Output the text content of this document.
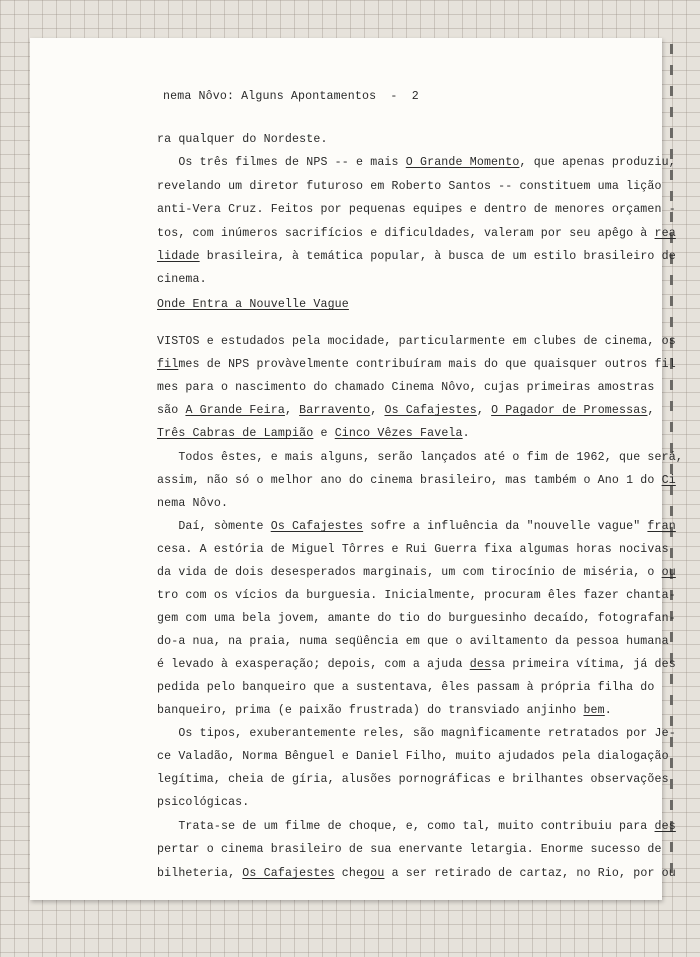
nema Nôvo: Alguns Apontamentos  -  2
ra qualquer do Nordeste.
Os três filmes de NPS -- e mais O Grande Momento, que apenas produziu,
revelando um diretor futuroso em Roberto Santos -- constituem uma lição
anti-Vera Cruz. Feitos por pequenas equipes e dentro de menores orçamen -
tos, com inúmeros sacrifícios e dificuldades, valeram por seu apêgo à rea
lidade brasileira, à temática popular, à busca de um estilo brasileiro de
cinema.
Onde Entra a Nouvelle Vague
VISTOS e estudados pela mocidade, particularmente em clubes de cinema, os
filmes de NPS provàvelmente contribuíram mais do que quaisquer outros fil
mes para o nascimento do chamado Cinema Nôvo, cujas primeiras amostras
são A Grande Feira, Barravento, Os Cafajestes, O Pagador de Promessas,
Três Cabras de Lampião e Cinco Vêzes Favela.
Todos êstes, e mais alguns, serão lançados até o fim de 1962, que será,
assim, não só o melhor ano do cinema brasileiro, mas também o Ano 1 do Ci
nema Nôvo.
Daí, sòmente Os Cafajestes sofre a influência da "nouvelle vague" fran
cesa. A estória de Miguel Tôrres e Rui Guerra fixa algumas horas nocivas
da vida de dois desesperados marginais, um com tirocínio de miséria, o ou
tro com os vícios da burguesia. Inicialmente, procuram êles fazer chanta-
gem com uma bela jovem, amante do tio do burguesinho decaído, fotografan-
do-a nua, na praia, numa seqüência em que o aviltamento da pessoa humana
é levado à exasperação; depois, com a ajuda dessa primeira vítima, já des
pedida pelo banqueiro que a sustentava, êles passam à própria filha do
banqueiro, prima (e paixão frustrada) do transviado anjinho bem.
Os tipos, exuberantemente reles, são magnìficamente retratados por Je-
ce Valadão, Norma Bênguel e Daniel Filho, muito ajudados pela dialogação
legítima, cheia de gíria, alusões pornográficas e brilhantes observações
psicológicas.
Trata-se de um filme de choque, e, como tal, muito contribuiu para des
pertar o cinema brasileiro de sua enervante letargia. Enorme sucesso de
bilheteria, Os Cafajestes chegou a ser retirado de cartaz, no Rio, por ou
